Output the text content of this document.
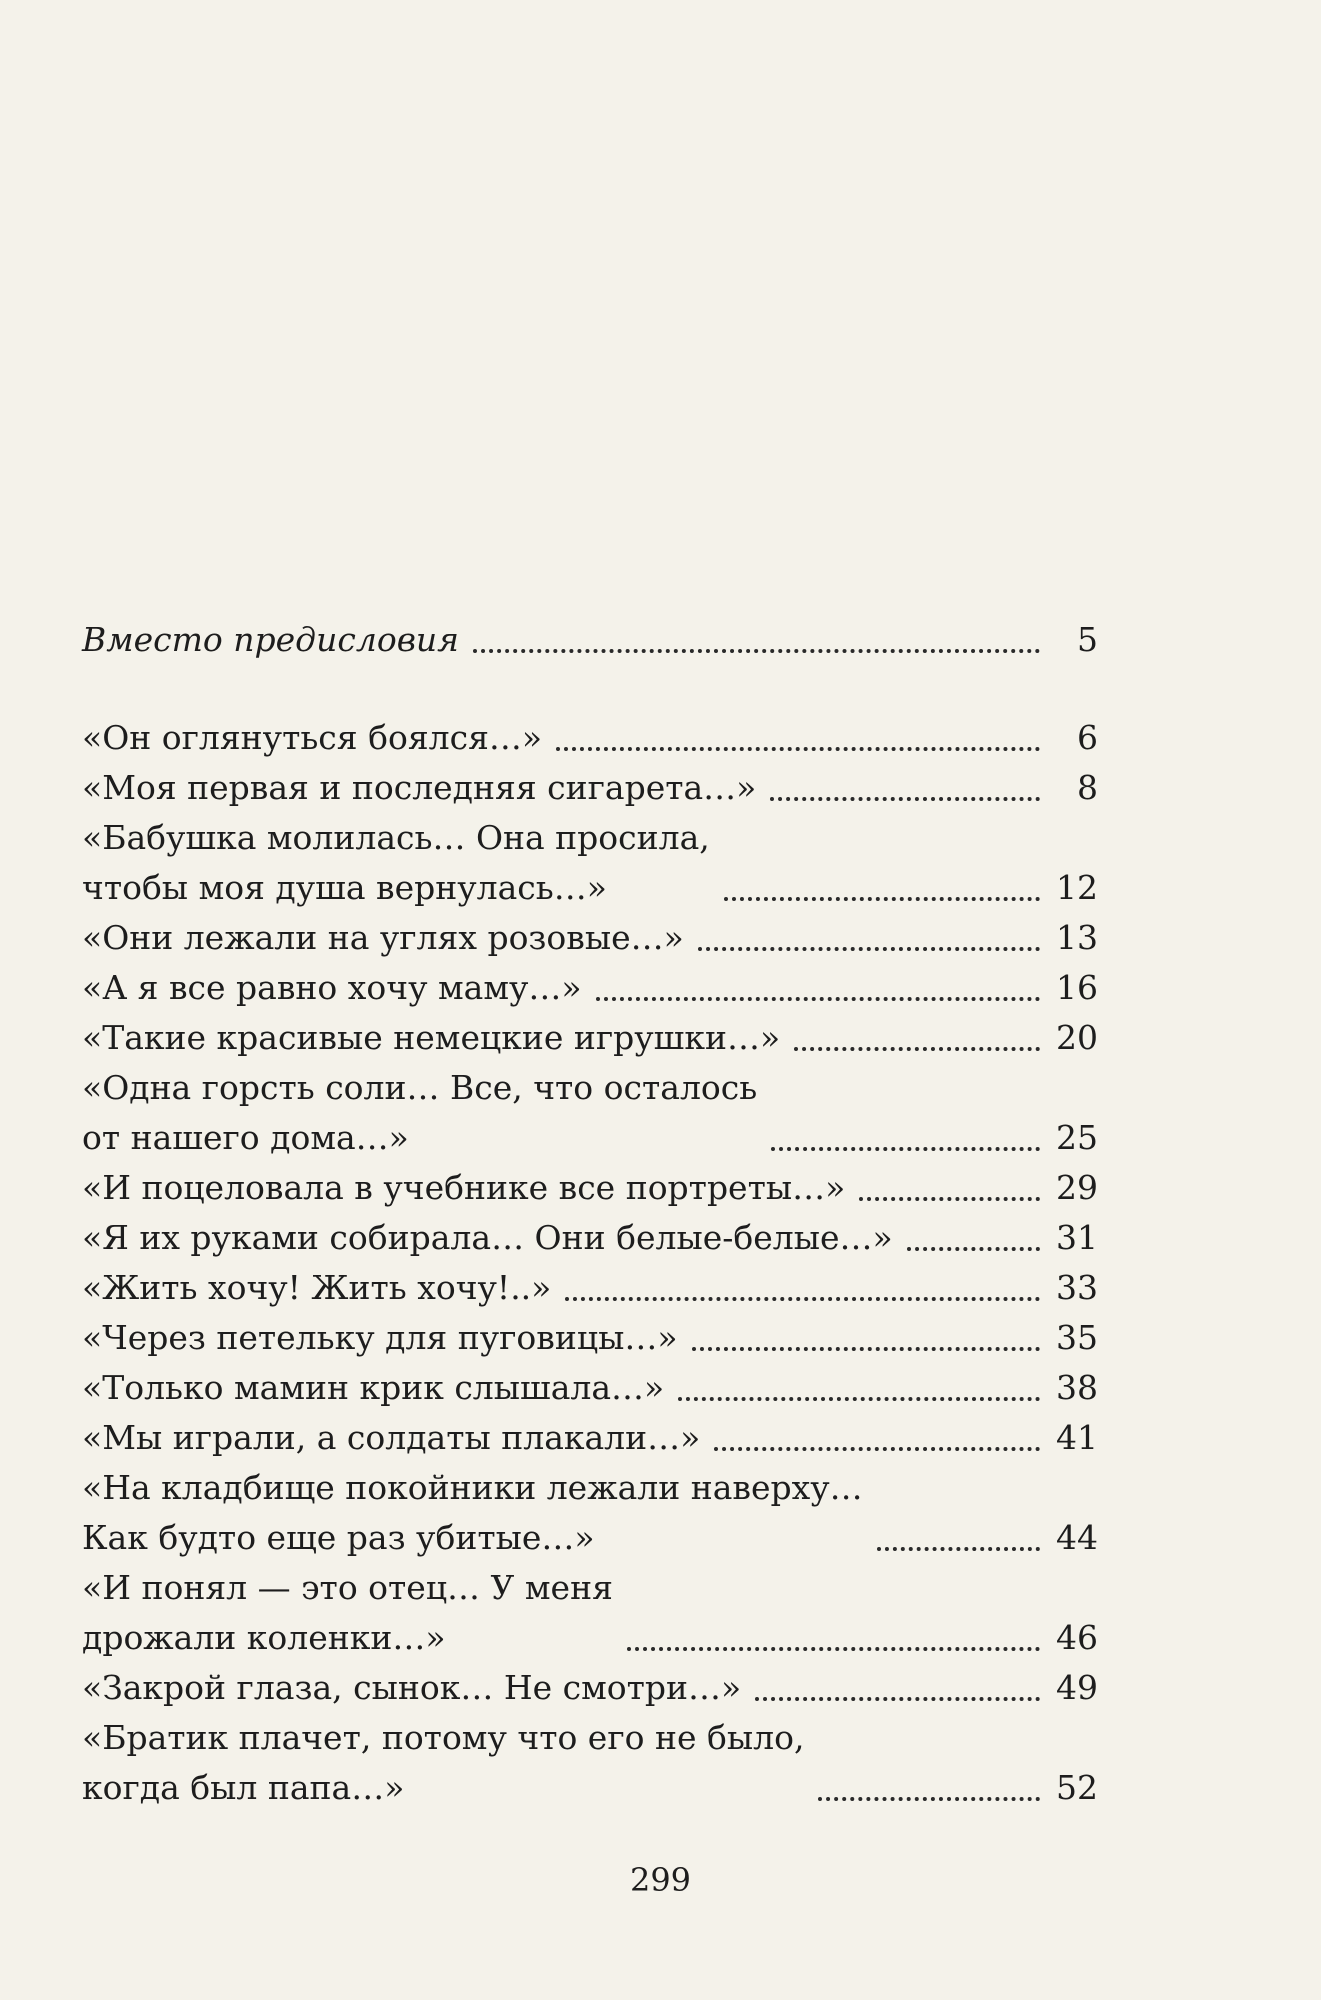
Вместо предисловия	5
«Он оглянуться боялся…»	6
«Моя первая и последняя сигарета…»	8
«Бабушка молилась… Она просила,
чтобы моя душа вернулась…»	12
«Они лежали на углях розовые…»	13
«А я все равно хочу маму…»	16
«Такие красивые немецкие игрушки…»	20
«Одна горсть соли… Все, что осталось
от нашего дома…»	25
«И поцеловала в учебнике все портреты…»	29
«Я их руками собирала… Они белые-белые…»	31
«Жить хочу! Жить хочу!..»	33
«Через петельку для пуговицы…»	35
«Только мамин крик слышала…»	38
«Мы играли, а солдаты плакали…»	41
«На кладбище покойники лежали наверху…
Как будто еще раз убитые…»	44
«И понял — это отец… У меня
дрожали коленки…»	46
«Закрой глаза, сынок… Не смотри…»	49
«Братик плачет, потому что его не было,
когда был папа…»	52
299
